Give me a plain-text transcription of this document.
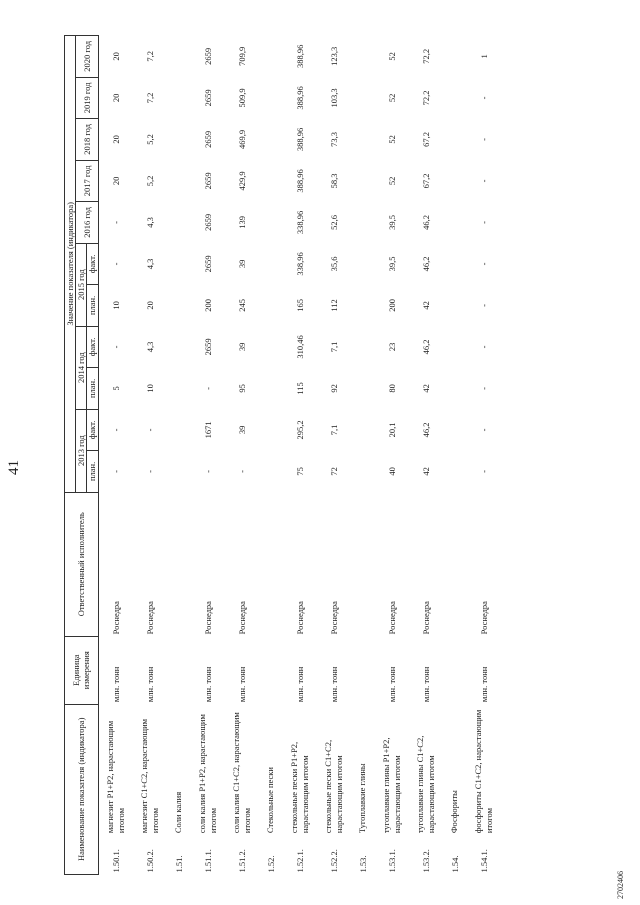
41
Наименование показателя (индикатора)		Единица измерения	Ответственный исполнитель	Значение показателя (индикатора)										
				2013 год		2014 год		2015 год		2016 год	2017 год	2018 год	2019 год	2020 год
				план.	факт.	план.	факт.	план.	факт.					
1.50.1.	магнезит Р1+Р2, нарастающим итогом	млн. тонн	Роснедра	-	-	5	-	10	-	-	20	20	20	20
1.50.2.	магнезит С1+С2, нарастающим итогом	млн. тонн	Роснедра	-	-	10	4,3	20	4,3	4,3	5,2	5,2	7,2	7,2
1.51.	Соли калия													
1.51.1.	соли калия Р1+Р2, нарастающим итогом	млн. тонн	Роснедра	-	1671	-	2659	200	2659	2659	2659	2659	2659	2659
1.51.2.	соли калия С1+С2, нарастающим итогом	млн. тонн	Роснедра	-	39	95	39	245	39	139	429,9	469,9	509,9	709,9
1.52.	Стекольные пески													
1.52.1.	стекольные пески Р1+Р2, нарастающим итогом	млн. тонн	Роснедра	75	295,2	115	310,46	165	338,96	338,96	388,96	388,96	388,96	388,96
1.52.2.	стекольные пески С1+С2, нарастающим итогом	млн. тонн	Роснедра	72	7,1	92	7,1	112	35,6	52,6	58,3	73,3	103,3	123,3
1.53.	Тугоплавкие глины													
1.53.1.	тугоплавкие глины Р1+Р2, нарастающим итогом	млн. тонн	Роснедра	40	20,1	80	23	200	39,5	39,5	52	52	52	52
1.53.2.	тугоплавкие глины С1+С2, нарастающим итогом	млн. тонн	Роснедра	42	46,2	42	46,2	42	46,2	46,2	67,2	67,2	72,2	72,2
1.54.	Фосфориты													
1.54.1.	фосфориты С1+С2, нарастающим итогом	млн. тонн	Роснедра	-	-	-	-	-	-	-	-	-	-	1
2702406
